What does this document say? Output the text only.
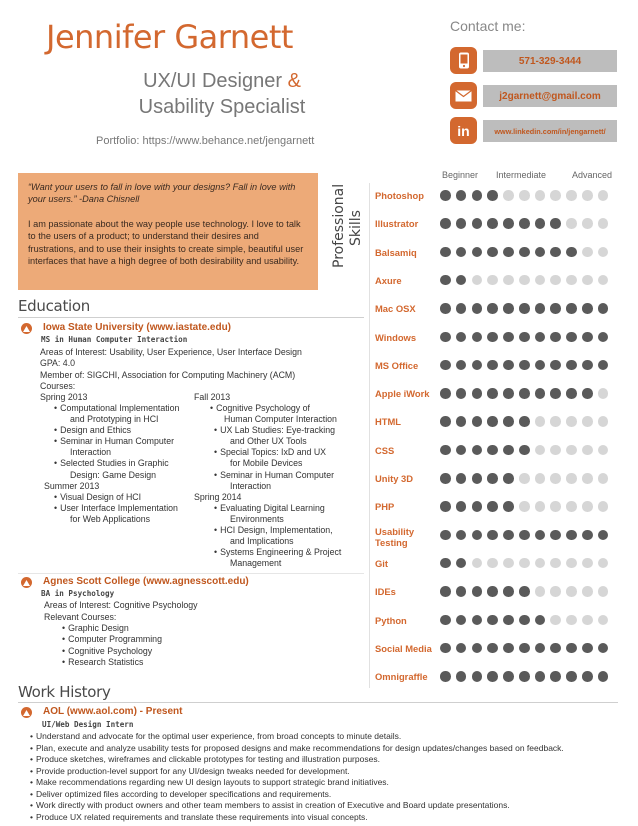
Jennifer Garnett
UX/UI Designer &
Usability Specialist
Portfolio: https://www.behance.net/jengarnett
Contact me:
571-329-3444
j2garnett@gmail.com
in	www.linkedin.com/in/jengarnett/

“Want your users to fall in love with your designs? Fall in love with your users.” -Dana Chisnell

I am passionate about the way people use technology. I love to talk to the users of a product; to understand their desires and frustrations, and to use their insights to create simple, beautiful user interfaces that have a high degree of both desirability and usability.	Professional Skills
Beginner Intermediate	Advanced
Photoshop
Illustrator
Balsamiq
Axure
Mac OSX
Windows
MS Office
Apple iWork
HTML
CSS
Unity 3D
PHP
Usability Testing
Git
IDEs
Python
Social Media
Omnigraffle
Education
Iowa State University (www.iastate.edu)
MS in Human Computer Interaction
Areas of Interest: Usability, User Experience, User Interface Design
GPA: 4.0
Member of: SIGCHI, Association for Computing Machinery (ACM)
Courses:
Spring 2013
• Computational Implementation
and Prototyping in HCI
• Design and Ethics
• Seminar in Human Computer
Interaction
• Selected Studies in Graphic
Design: Game Design
Summer 2013
• Visual Design of HCI
• User Interface Implementation
for Web Applications
Fall 2013
• Cognitive Psychology of
Human Computer Interaction
• UX Lab Studies: Eye-tracking
and Other UX Tools
• Special Topics: IxD and UX
for Mobile Devices
• Seminar in Human Computer
Interaction
Spring 2014
• Evaluating Digital Learning
Environments
• HCI Design, Implementation,
and Implications
• Systems Engineering & Project
Management
Agnes Scott College (www.agnesscott.edu)
BA in Psychology
Areas of Interest: Cognitive Psychology
Relevant Courses:
• Graphic Design
• Computer Programming
• Cognitive Psychology
• Research Statistics
Work History
AOL (www.aol.com) - Present
UI/Web Design Intern
• Understand and advocate for the optimal user experience, from broad concepts to minute details.
• Plan, execute and analyze usability tests for proposed designs and make recommendations for design updates/changes based on feedback.
• Produce sketches, wireframes and clickable prototypes for testing and illustration purposes.
• Provide production-level support for any UI/design tweaks needed for development.
• Make recommendations regarding new UI design layouts to support strategic brand initiatives.
• Deliver optimized files according to developer specifications and requirements.
• Work directly with product owners and other team members to assist in creation of Executive and Board update presentations.
• Produce UX related requirements and translate these requirements into visual concepts.
